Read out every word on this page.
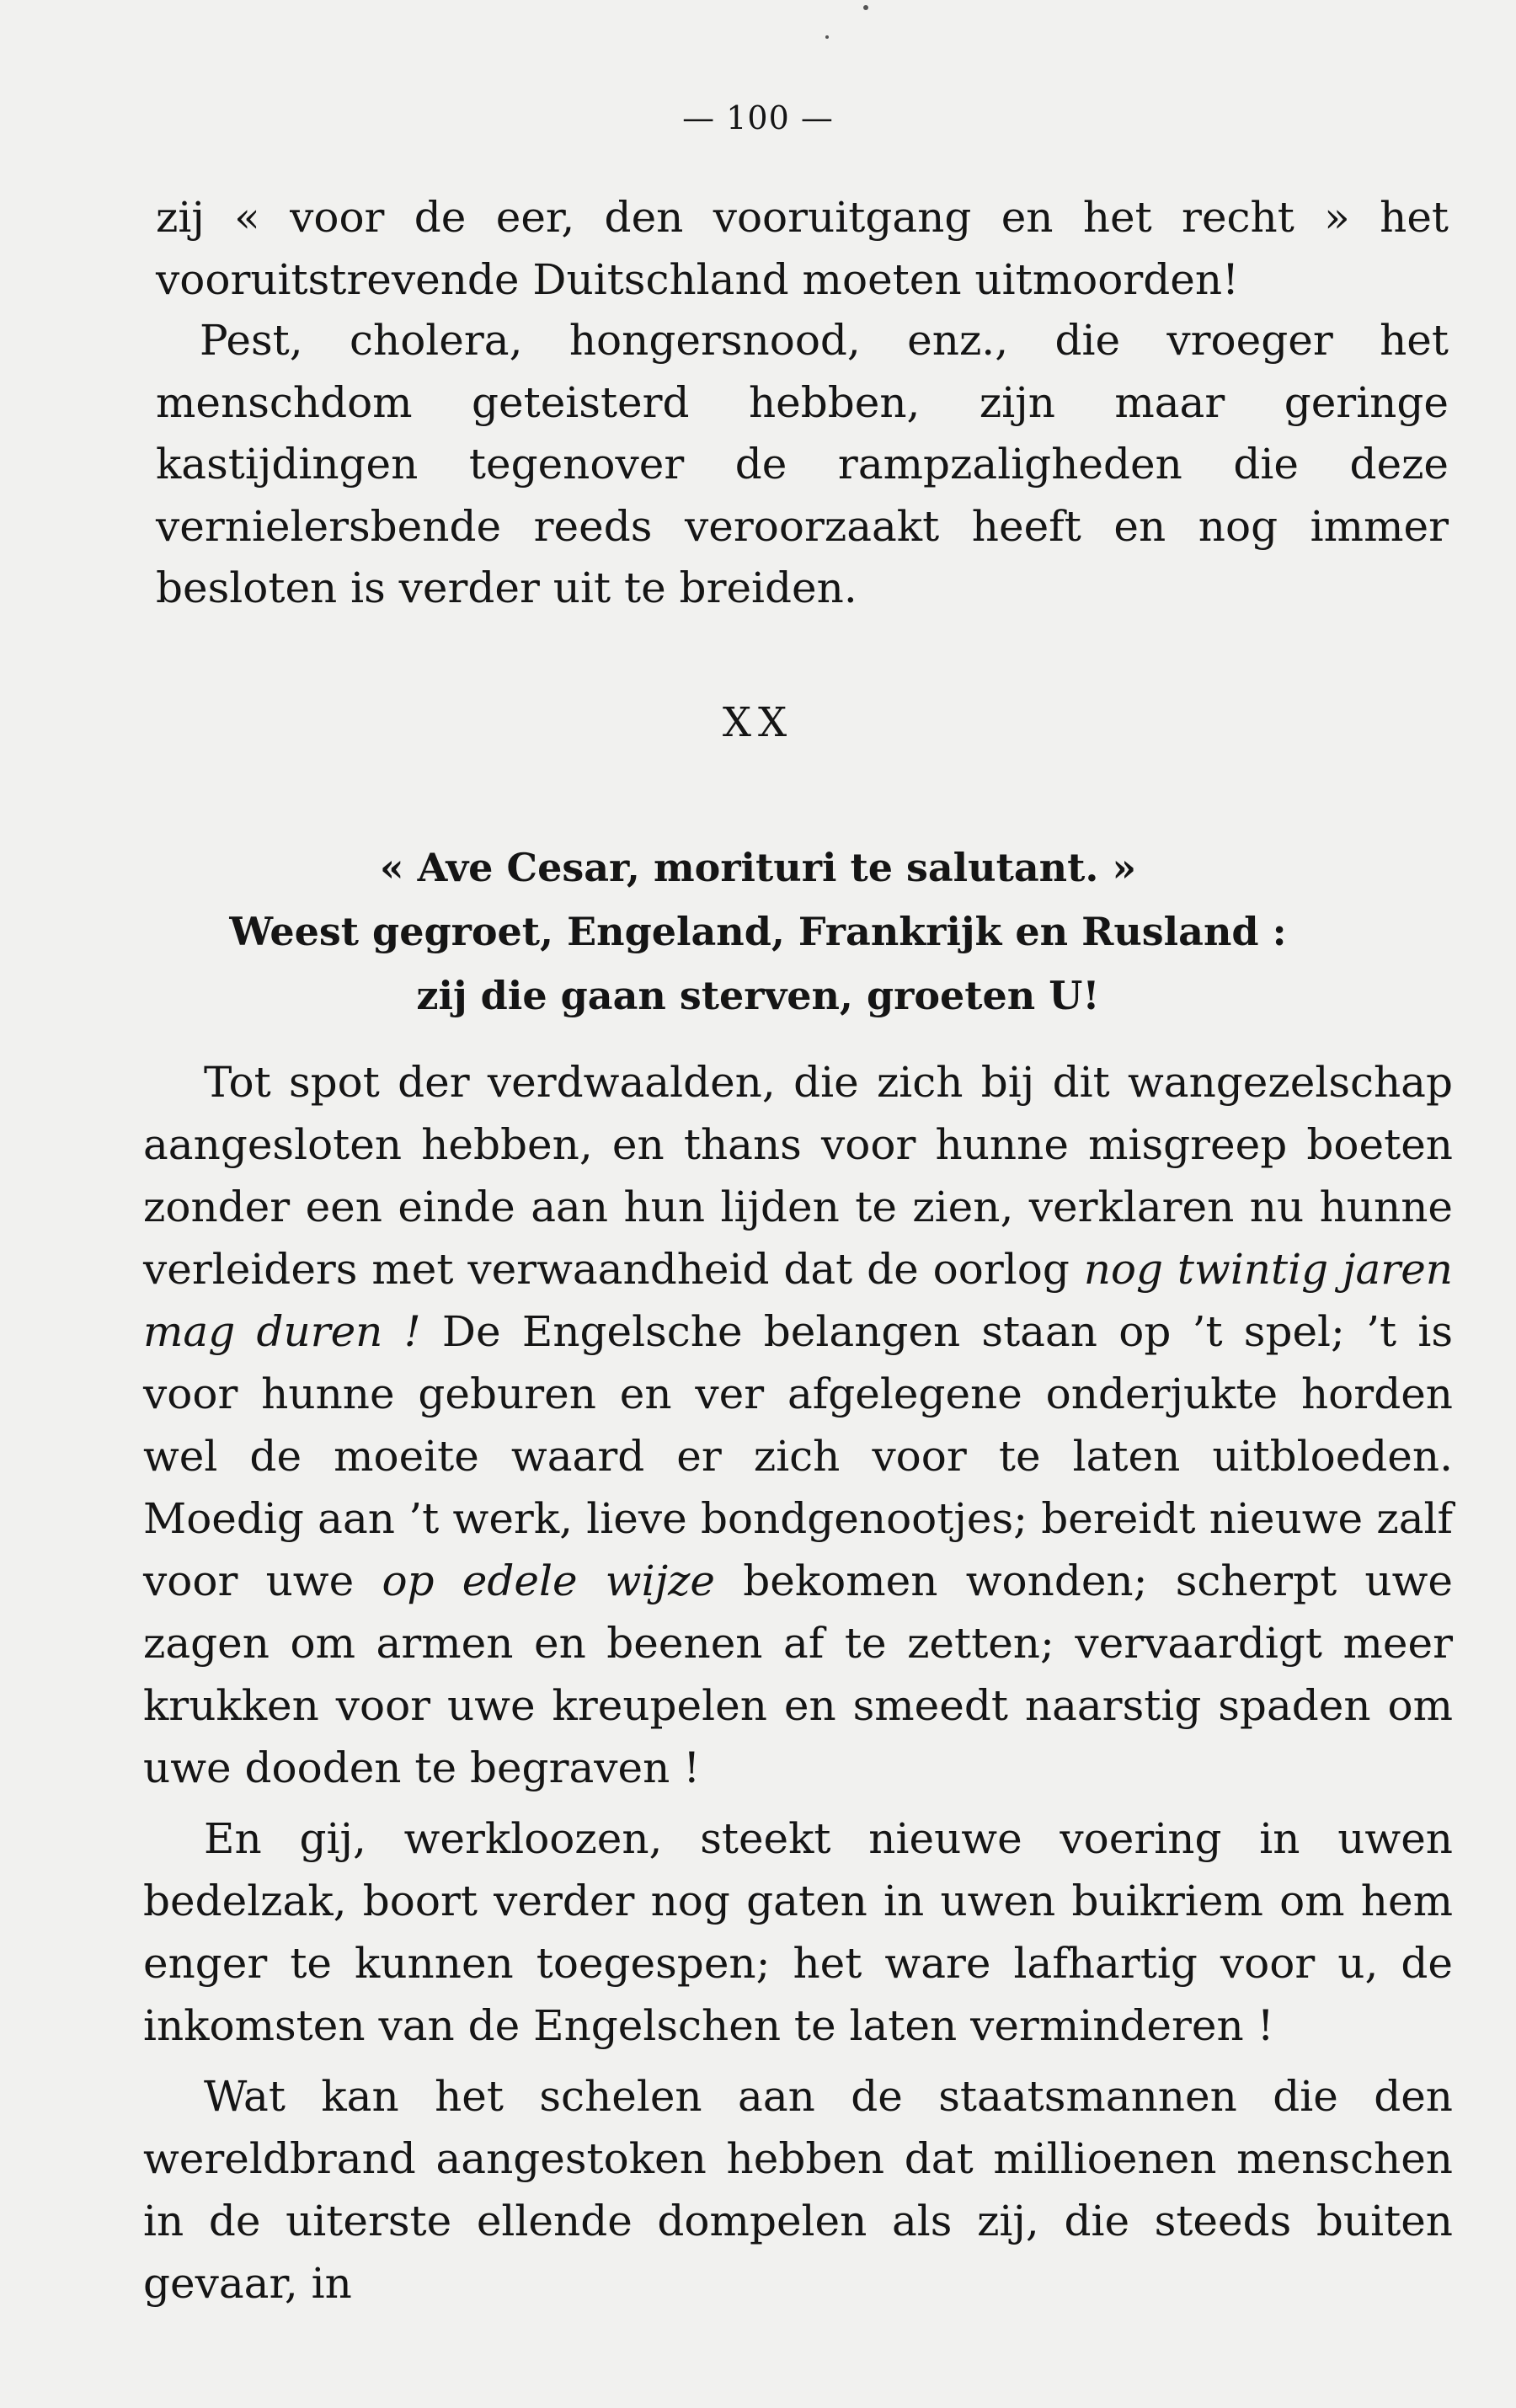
— 100 —

zij « voor de eer, den vooruitgang en het recht » het vooruitstrevende Duitschland moeten uitmoorden!

Pest, cholera, hongersnood, enz., die vroeger het menschdom geteisterd hebben, zijn maar geringe kastijdingen tegenover de rampzaligheden die deze vernielersbende reeds veroorzaakt heeft en nog immer besloten is verder uit te breiden.

XX
« Ave Cesar, morituri te salutant. »
Weest gegroet, Engeland, Frankrijk en Rusland :
zij die gaan sterven, groeten U!

Tot spot der verdwaalden, die zich bij dit wangezelschap aangesloten hebben, en thans voor hunne misgreep boeten zonder een einde aan hun lijden te zien, verklaren nu hunne verleiders met verwaandheid dat de oorlog nog twintig jaren mag duren ! De Engelsche belangen staan op ’t spel; ’t is voor hunne geburen en ver afgelegene onderjukte horden wel de moeite waard er zich voor te laten uitbloeden. Moedig aan ’t werk, lieve bondgenootjes; bereidt nieuwe zalf voor uwe op edele wijze bekomen wonden; scherpt uwe zagen om armen en beenen af te zetten; vervaardigt meer krukken voor uwe kreupelen en smeedt naarstig spaden om uwe dooden te begraven !

En gij, werkloozen, steekt nieuwe voering in uwen bedelzak, boort verder nog gaten in uwen buikriem om hem enger te kunnen toegespen; het ware lafhartig voor u, de inkomsten van de Engelschen te laten verminderen !

Wat kan het schelen aan de staatsmannen die den wereldbrand aangestoken hebben dat millioenen menschen in de uiterste ellende dompelen als zij, die steeds buiten gevaar, in
